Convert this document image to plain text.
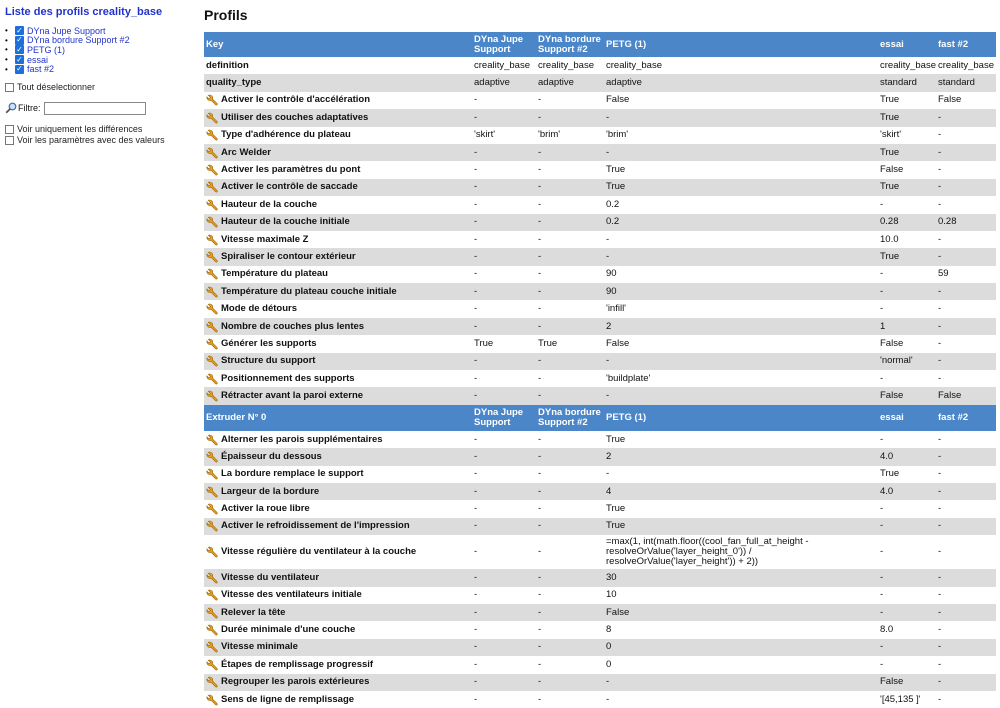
Liste des profils creality_base
•	✓ DYna Jupe Support
•	✓ DYna bordure Support #2
•	✓ PETG (1)
•	✓ essai
•	✓ fast #2
Tout déselectionner
Filtre:
Voir uniquement les différences
Voir les paramètres avec des valeurs
Profils
Key	DYna Jupe Support	DYna bordure Support #2	PETG (1)	essai	fast #2
definition	creality_base	creality_base	creality_base	creality_base	creality_base
quality_type	adaptive	adaptive	adaptive	standard	standard

Activer le contrôle d'accélération	-	-	False	True	False

Utiliser des couches adaptatives	-	-	-	True	-

Type d'adhérence du plateau	'skirt'	'brim'	'brim'	'skirt'	-

Arc Welder	-	-	-	True	-

Activer les paramètres du pont	-	-	True	False	-

Activer le contrôle de saccade	-	-	True	True	-

Hauteur de la couche	-	-	0.2	-	-

Hauteur de la couche initiale	-	-	0.2	0.28	0.28

Vitesse maximale Z	-	-	-	10.0	-

Spiraliser le contour extérieur	-	-	-	True	-

Température du plateau	-	-	90	-	59

Température du plateau couche initiale	-	-	90	-	-

Mode de détours	-	-	'infill'	-	-

Nombre de couches plus lentes	-	-	2	1	-

Générer les supports	True	True	False	False	-

Structure du support	-	-	-	'normal'	-

Positionnement des supports	-	-	'buildplate'	-	-

Rétracter avant la paroi externe	-	-	-	False	False
Extruder N° 0	DYna Jupe Support	DYna bordure Support #2	PETG (1)	essai	fast #2

Alterner les parois supplémentaires	-	-	True	-	-

Épaisseur du dessous	-	-	2	4.0	-

La bordure remplace le support	-	-	-	True	-

Largeur de la bordure	-	-	4	4.0	-

Activer la roue libre	-	-	True	-	-

Activer le refroidissement de l'impression	-	-	True	-	-

Vitesse régulière du ventilateur à la couche	-	-	=max(1, int(math.floor((cool_fan_full_at_height - resolveOrValue('layer_height_0')) / resolveOrValue('layer_height')) + 2))	-	-

Vitesse du ventilateur	-	-	30	-	-

Vitesse des ventilateurs initiale	-	-	10	-	-

Relever la tête	-	-	False	-	-

Durée minimale d'une couche	-	-	8	8.0	-

Vitesse minimale	-	-	0	-	-

Étapes de remplissage progressif	-	-	0	-	-

Regrouper les parois extérieures	-	-	-	False	-

Sens de ligne de remplissage	-	-	-	'[45,135 ]'	-
